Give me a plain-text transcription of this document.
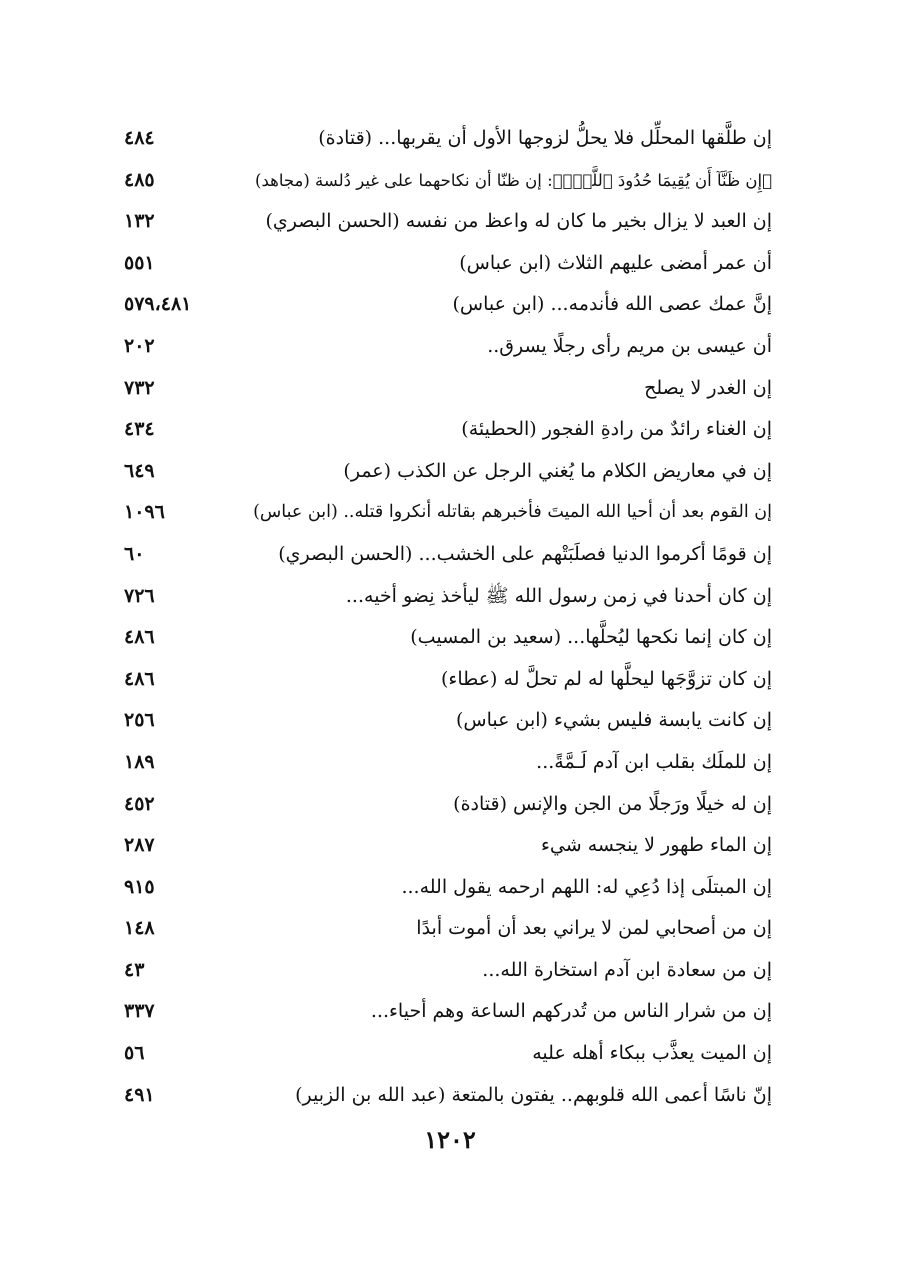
إن طلَّقها المحلِّل فلا يحلُّ لزوجها الأول أن يقربها... (قتادة)
٤٨٤
﴿إِن ظَنَّآ أَن يُقِيمَا حُدُودَ ٱللَّهِۗ﴾: إن ظنّا أن نكاحهما على غير دُلسة (مجاهد)
٤٨٥
إن العبد لا يزال بخير ما كان له واعظ من نفسه (الحسن البصري)
١٣٢
أن عمر أمضى عليهم الثلاث (ابن عباس)
٥٥١
إنَّ عمك عصى الله فأندمه... (ابن عباس)
٥٧٩،٤٨١
أن عيسى بن مريم رأى رجلًا يسرق..
٢٠٢
إن الغدر لا يصلح
٧٣٢
إن الغناء رائدٌ من رادةِ الفجور (الحطيئة)
٤٣٤
إن في معاريض الكلام ما يُغني الرجل عن الكذب (عمر)
٦٤٩
إن القوم بعد أن أحيا الله الميتَ فأخبرهم بقاتله أنكروا قتله.. (ابن عباس)
١٠٩٦
إن قومًا أكرموا الدنيا فصلَبَتْهم على الخشب... (الحسن البصري)
٦٠
إن كان أحدنا في زمن رسول الله ﷺ ليأخذ نِضو أخيه...
٧٢٦
إن كان إنما نكحها ليُحلَّها... (سعيد بن المسيب)
٤٨٦
إن كان تزوَّجَها ليحلَّها له لم تحلَّ له (عطاء)
٤٨٦
إن كانت يابسة فليس بشيء (ابن عباس)
٢٥٦
إن للملَك بقلب ابن آدم لَـمَّةً...
١٨٩
إن له خيلًا ورَجلًا من الجن والإنس (قتادة)
٤٥٢
إن الماء طهور لا ينجسه شيء
٢٨٧
إن المبتلَى إذا دُعِي له: اللهم ارحمه يقول الله...
٩١٥
إن من أصحابي لمن لا يراني بعد أن أموت أبدًا
١٤٨
إن من سعادة ابن آدم استخارة الله...
٤٣
إن من شرار الناس من تُدركهم الساعة وهم أحياء...
٣٣٧
إن الميت يعذَّب ببكاء أهله عليه
٥٦
إنّ ناسًا أعمى الله قلوبهم.. يفتون بالمتعة (عبد الله بن الزبير)
٤٩١
١٢٠٢
